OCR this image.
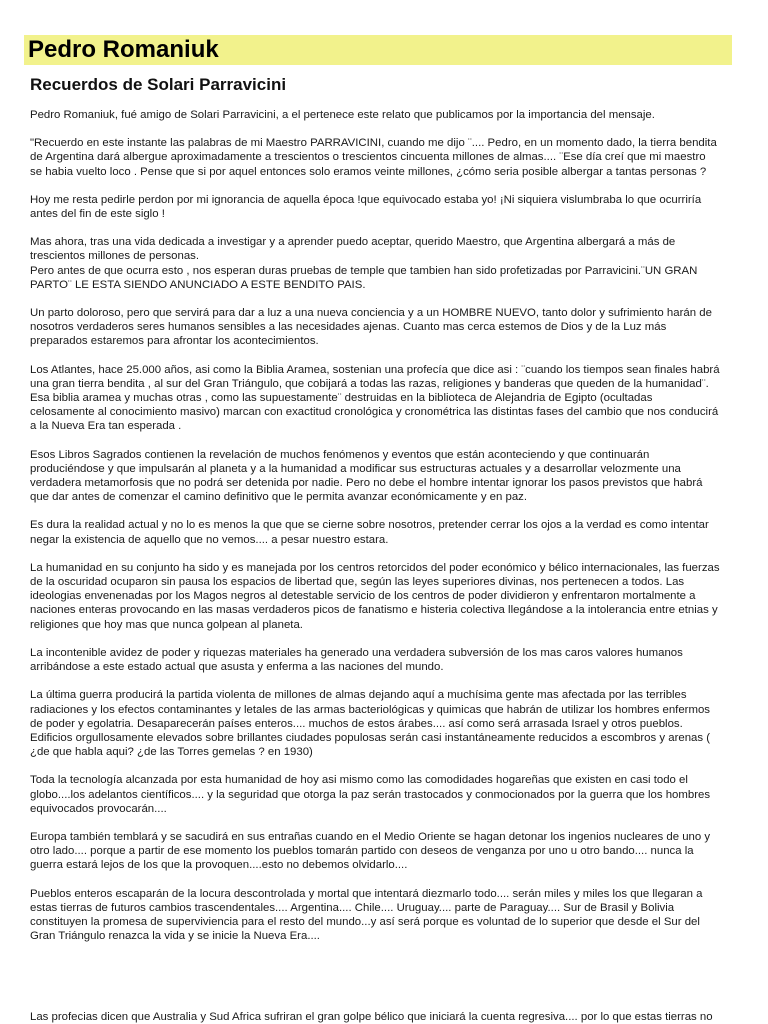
Pedro Romaniuk
Recuerdos de Solari Parravicini

Pedro Romaniuk, fué amigo de Solari Parravicini, a el pertenece este relato que publicamos por la importancia del mensaje.

"Recuerdo en este instante las palabras de mi Maestro PARRAVICINI, cuando me dijo ¨.... Pedro, en un momento dado, la tierra bendita de Argentina dará albergue aproximadamente a trescientos o trescientos cincuenta millones de almas.... ¨Ese día creí que mi maestro se habia vuelto loco . Pense que si por aquel entonces solo eramos veinte millones, ¿cómo seria posible albergar a tantas personas ?

Hoy me resta pedirle perdon por mi ignorancia de aquella época !que equivocado estaba yo! ¡Ni siquiera vislumbraba lo que ocurriría antes del fin de este siglo !

Mas ahora, tras una vida dedicada a investigar y a aprender puedo aceptar, querido Maestro, que Argentina albergará a más de trescientos millones de personas.
Pero antes de que ocurra esto , nos esperan duras pruebas de temple que tambien han sido profetizadas por Parravicini.¨UN GRAN PARTO¨ LE ESTA SIENDO ANUNCIADO A ESTE BENDITO PAIS.

Un parto doloroso, pero que servirá para dar a luz a una nueva conciencia y a un HOMBRE NUEVO, tanto dolor y sufrimiento harán de nosotros verdaderos seres humanos sensibles a las necesidades ajenas. Cuanto mas cerca estemos de Dios y de la Luz más preparados estaremos para afrontar los acontecimientos.

Los Atlantes, hace 25.000 años, asi como la Biblia Aramea, sostenian una profecía que dice asi : ¨cuando los tiempos sean finales habrá una gran tierra bendita , al sur del Gran Triángulo, que cobijará a todas las razas, religiones y banderas que queden de la humanidad¨. Esa biblia aramea y muchas otras , como las supuestamente¨ destruidas en la biblioteca de Alejandria de Egipto (ocultadas celosamente al conocimiento masivo) marcan con exactitud cronológica y cronométrica las distintas fases del cambio que nos conducirá a la Nueva Era tan esperada .

Esos Libros Sagrados contienen la revelación de muchos fenómenos y eventos que están aconteciendo y que continuarán produciéndose y que impulsarán al planeta y a la humanidad a modificar sus estructuras actuales y a desarrollar velozmente una verdadera metamorfosis que no podrá ser detenida por nadie. Pero no debe el hombre intentar ignorar los pasos previstos que habrá que dar antes de comenzar el camino definitivo que le permita avanzar económicamente y en paz.

Es dura la realidad actual y no lo es menos la que que se cierne sobre nosotros, pretender cerrar los ojos a la verdad es como intentar negar la existencia de aquello que no vemos.... a pesar nuestro estara.

La humanidad en su conjunto ha sido y es manejada por los centros retorcidos del poder económico y bélico internacionales, las fuerzas de la oscuridad ocuparon sin pausa los espacios de libertad que, según las leyes superiores divinas, nos pertenecen a todos. Las ideologias envenenadas por los Magos negros al detestable servicio de los centros de poder dividieron y enfrentaron mortalmente a naciones enteras provocando en las masas verdaderos picos de fanatismo e histeria colectiva llegándose a la intolerancia entre etnias y religiones que hoy mas que nunca golpean al planeta.

La incontenible avidez de poder y riquezas materiales ha generado una verdadera subversión de los mas caros valores humanos arribándose a este estado actual que asusta y enferma a las naciones del mundo.

La última guerra producirá la partida violenta de millones de almas dejando aquí a muchísima gente mas afectada por las terribles radiaciones y los efectos contaminantes y letales de las armas bacteriológicas y quimicas que habrán de utilizar los hombres enfermos de poder y egolatria. Desaparecerán países enteros.... muchos de estos árabes.... así como será arrasada Israel y otros pueblos. Edificios orgullosamente elevados sobre brillantes ciudades populosas serán casi instantáneamente reducidos a escombros y arenas ( ¿de que habla aqui? ¿de las Torres gemelas ? en 1930)

Toda la tecnología alcanzada por esta humanidad de hoy asi mismo como las comodidades hogareñas que existen en casi todo el globo....los adelantos científicos.... y la seguridad que otorga la paz serán trastocados y conmocionados por la guerra que los hombres equivocados provocarán....

Europa también temblará y se sacudirá en sus entrañas cuando en el Medio Oriente se hagan detonar los ingenios nucleares de uno y otro lado.... porque a partir de ese momento los pueblos tomarán partido con deseos de venganza por uno u otro bando.... nunca la guerra estará lejos de los que la provoquen....esto no debemos olvidarlo....

Pueblos enteros escaparán de la locura descontrolada y mortal que intentará diezmarlo todo.... serán miles y miles los que llegaran a estas tierras de futuros cambios trascendentales.... Argentina.... Chile.... Uruguay.... parte de Paraguay.... Sur de Brasil y Bolivia constituyen la promesa de superviviencia para el resto del mundo...y así será porque es voluntad de lo superior que desde el Sur del Gran Triángulo renazca la vida y se inicie la Nueva Era....

Las profecias dicen que Australia y Sud Africa sufriran el gran golpe bélico que iniciará la cuenta regresiva.... por lo que estas tierras no
